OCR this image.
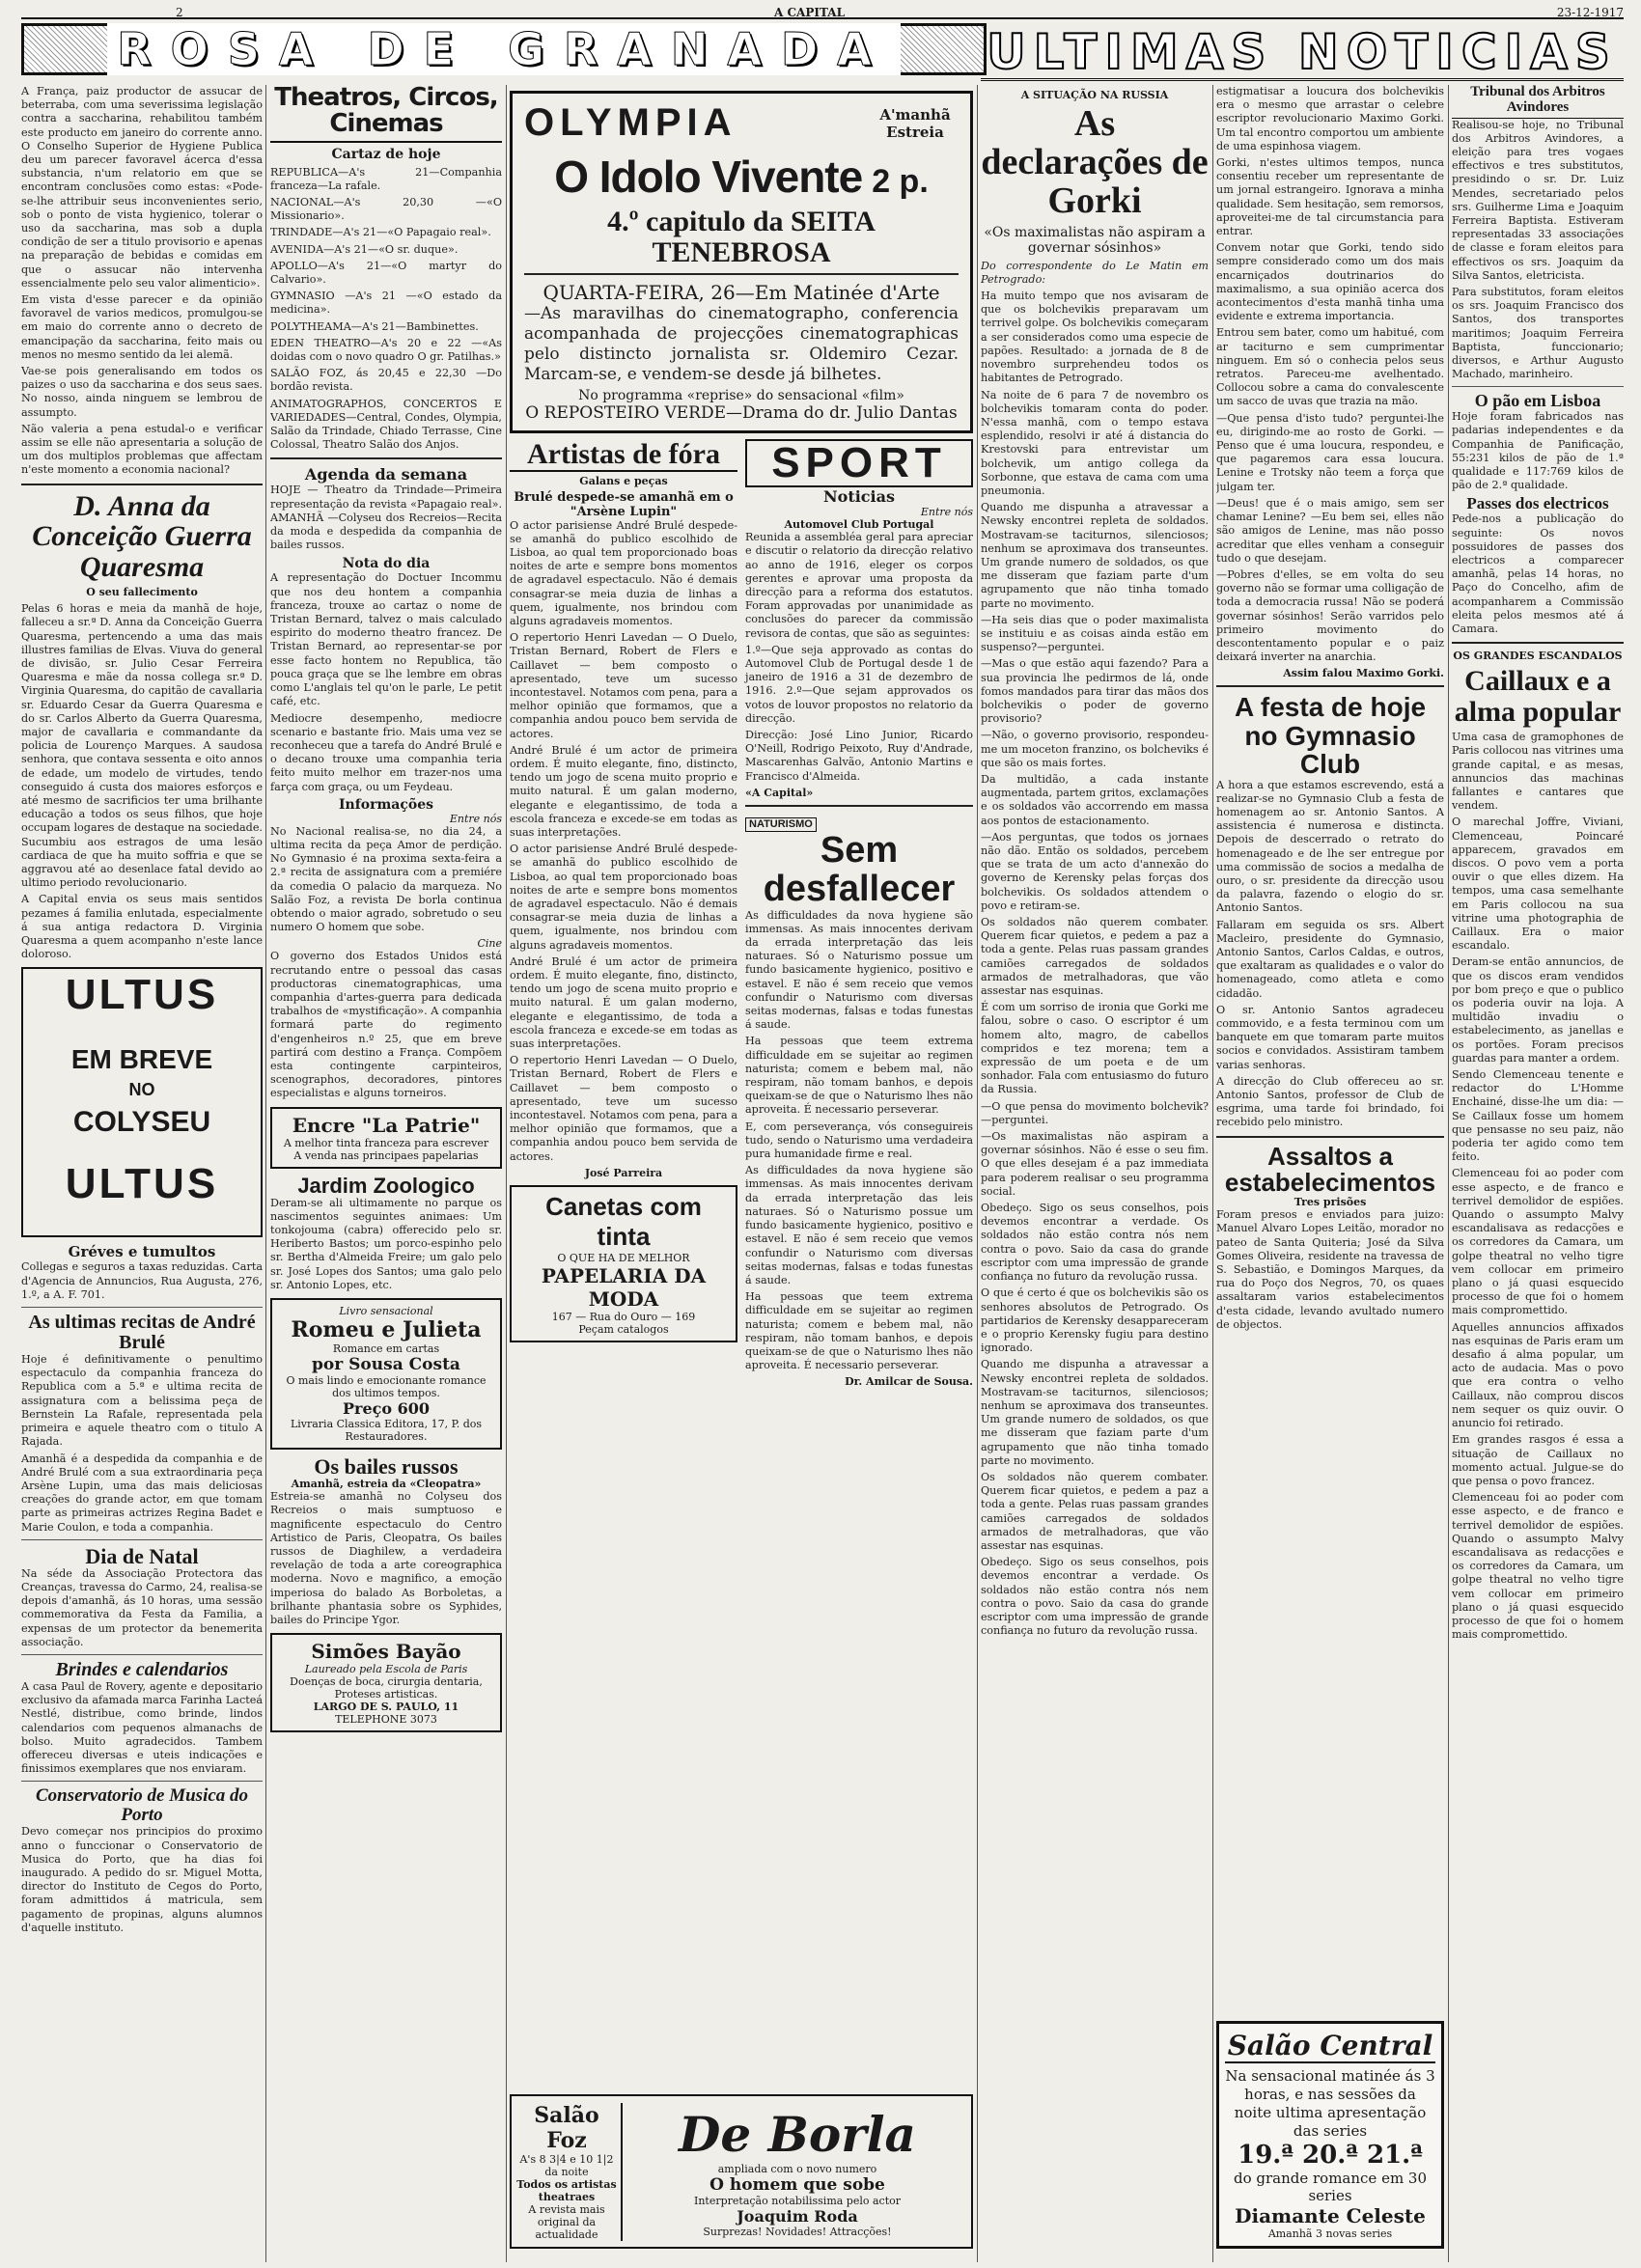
2	A CAPITAL	23-12-1917
ROSA DE GRANADA ULTIMAS NOTICIAS

A França, paiz productor de assucar de beterraba, com uma severissima legislação contra a saccharina, rehabilitou também este producto em janeiro do corrente anno. O Conselho Superior de Hygiene Publica deu um parecer favoravel ácerca d'essa substancia, n'um relatorio em que se encontram conclusões como estas: «Pode-se-lhe attribuir seus inconvenientes serio, sob o ponto de vista hygienico, tolerar o uso da saccharina, mas sob a dupla condição de ser a titulo provisorio e apenas na preparação de bebidas e comidas em que o assucar não intervenha essencialmente pelo seu valor alimenticio».

Em vista d'esse parecer e da opinião favoravel de varios medicos, promulgou-se em maio do corrente anno o decreto de emancipação da saccharina, feito mais ou menos no mesmo sentido da lei alemã.

Vae-se pois generalisando em todos os paizes o uso da saccharina e dos seus saes. No nosso, ainda ninguem se lembrou de assumpto.

Não valeria a pena estudal-o e verificar assim se elle não apresentaria a solução de um dos multiplos problemas que affectam n'este momento a economia nacional?

D. Anna da Conceição Guerra Quaresma
O seu fallecimento

Pelas 6 horas e meia da manhã de hoje, falleceu a sr.ª D. Anna da Conceição Guerra Quaresma, pertencendo a uma das mais illustres familias de Elvas. Viuva do general de divisão, sr. Julio Cesar Ferreira Quaresma e mãe da nossa collega sr.ª D. Virginia Quaresma, do capitão de cavallaria sr. Eduardo Cesar da Guerra Quaresma e do sr. Carlos Alberto da Guerra Quaresma, major de cavallaria e commandante da policia de Lourenço Marques. A saudosa senhora, que contava sessenta e oito annos de edade, um modelo de virtudes, tendo conseguido á custa dos maiores esforços e até mesmo de sacrificios ter uma brilhante educação a todos os seus filhos, que hoje occupam logares de destaque na sociedade. Sucumbiu aos estragos de uma lesão cardiaca de que ha muito soffria e que se aggravou até ao desenlace fatal devido ao ultimo periodo revolucionario.

A Capital envia os seus mais sentidos pezames á familia enlutada, especialmente á sua antiga redactora D. Virginia Quaresma a quem acompanho n'este lance doloroso.

ULTUS
EM BREVE
NO
COLYSEU
ULTUS
Gréves e tumultos

Collegas e seguros a taxas reduzidas. Carta d'Agencia de Annuncios, Rua Augusta, 276, 1.º, a A. F. 701.

As ultimas recitas de André Brulé

Hoje é definitivamente o penultimo espectaculo da companhia franceza do Republica com a 5.ª e ultima recita de assignatura com a belissima peça de Bernstein La Rafale, representada pela primeira e aquele theatro com o titulo A Rajada.

Amanhã é a despedida da companhia e de André Brulé com a sua extraordinaria peça Arsène Lupin, uma das mais deliciosas creações do grande actor, em que tomam parte as primeiras actrizes Regina Badet e Marie Coulon, e toda a companhia.

Dia de Natal

Na séde da Associação Protectora das Creanças, travessa do Carmo, 24, realisa-se depois d'amanhã, ás 10 horas, uma sessão commemorativa da Festa da Familia, a expensas de um protector da benemerita associação.

Brindes e calendarios

A casa Paul de Rovery, agente e depositario exclusivo da afamada marca Farinha Lacteá Nestlé, distribue, como brinde, lindos calendarios com pequenos almanachs de bolso. Muito agradecidos. Tambem offereceu diversas e uteis indicações e finissimos exemplares que nos enviaram.

Conservatorio de Musica do Porto

Devo começar nos principios do proximo anno o funccionar o Conservatorio de Musica do Porto, que ha dias foi inaugurado. A pedido do sr. Miguel Motta, director do Instituto de Cegos do Porto, foram admittidos á matricula, sem pagamento de propinas, alguns alumnos d'aquelle instituto.

Theatros, Circos, Cinemas
Cartaz de hoje

REPUBLICA—A's 21—Companhia franceza—La rafale.

NACIONAL—A's 20,30 —«O Missionario».

TRINDADE—A's 21—«O Papagaio real».

AVENIDA—A's 21—«O sr. duque».

APOLLO—A's 21—«O martyr do Calvario».

GYMNASIO —A's 21 —«O estado da medicina».

POLYTHEAMA—A's 21—Bambinettes.

EDEN THEATRO—A's 20 e 22 —«As doidas com o novo quadro O gr. Patilhas.»

SALÃO FOZ, ás 20,45 e 22,30 —Do bordão revista.

ANIMATOGRAPHOS, CONCERTOS E VARIEDADES—Central, Condes, Olympia, Salão da Trindade, Chiado Terrasse, Cine Colossal, Theatro Salão dos Anjos.

Agenda da semana

HOJE — Theatro da Trindade—Primeira representação da revista «Papagaio real». AMANHÃ —Colyseu dos Recreios—Recita da moda e despedida da companhia de bailes russos.

Nota do dia

A representação do Doctuer Incommu que nos deu hontem a companhia franceza, trouxe ao cartaz o nome de Tristan Bernard, talvez o mais calculado espirito do moderno theatro francez. De Tristan Bernard, ao representar-se por esse facto hontem no Republica, tão pouca graça que se lhe lembre em obras como L'anglais tel qu'on le parle, Le petit café, etc.

Mediocre desempenho, mediocre scenario e bastante frio. Mais uma vez se reconheceu que a tarefa do André Brulé e o decano trouxe uma companhia teria feito muito melhor em trazer-nos uma farça com graça, ou um Feydeau.

Informações
Entre nós

No Nacional realisa-se, no dia 24, a ultima recita da peça Amor de perdição. No Gymnasio é na proxima sexta-feira a 2.ª recita de assignatura com a premiére da comedia O palacio da marqueza. No Salão Foz, a revista De borla continua obtendo o maior agrado, sobretudo o seu numero O homem que sobe.

Cine

O governo dos Estados Unidos está recrutando entre o pessoal das casas productoras cinematographicas, uma companhia d'artes-guerra para dedicada trabalhos de «mystificação». A companhia formará parte do regimento d'engenheiros n.º 25, que em breve partirá com destino a França. Compõem esta contingente carpinteiros, scenographos, decoradores, pintores especialistas e alguns torneiros.

Encre "La Patrie"
A melhor tinta franceza para escrever
A venda nas principaes papelarias
Jardim Zoologico

Deram-se ali ultimamente no parque os nascimentos seguintes animaes: Um tonkojouma (cabra) offerecido pelo sr. Heriberto Bastos; um porco-espinho pelo sr. Bertha d'Almeida Freire; um galo pelo sr. José Lopes dos Santos; uma galo pelo sr. Antonio Lopes, etc.

Livro sensacional
Romeu e Julieta
Romance em cartas
por Sousa Costa
O mais lindo e emocionante romance dos ultimos tempos.
Preço 600
Livraria Classica Editora, 17, P. dos Restauradores.
Os bailes russos
Amanhã, estreia da «Cleopatra»

Estreia-se amanhã no Colyseu dos Recreios o mais sumptuoso e magnificente espectaculo do Centro Artistico de Paris, Cleopatra, Os bailes russos de Diaghilew, a verdadeira revelação de toda a arte coreographica moderna. Novo e magnifico, a emoção imperiosa do balado As Borboletas, a brilhante phantasia sobre os Syphides, bailes do Principe Ygor.

Simões Bayão
Laureado pela Escola de Paris
Doenças de boca, cirurgia dentaria, Proteses artisticas.
LARGO DE S. PAULO, 11
TELEPHONE 3073
OLYMPIA	A'manhã Estreia
O Idolo Vivente 2 p.
4.º capitulo da SEITA TENEBROSA
QUARTA-FEIRA, 26—Em Matinée d'Arte

—As maravilhas do cinematographo, conferencia acompanhada de projecções cinematographicas pelo distincto jornalista sr. Oldemiro Cezar. Marcam-se, e vendem-se desde já bilhetes.

No programma «reprise» do sensacional «film»
O REPOSTEIRO VERDE—Drama do dr. Julio Dantas
Artistas de fóra
Galans e peças
Brulé despede-se amanhã em o "Arsène Lupin"

O actor parisiense André Brulé despede-se amanhã do publico escolhido de Lisboa, ao qual tem proporcionado boas noites de arte e sempre bons momentos de agradavel espectaculo. Não é demais consagrar-se meia duzia de linhas a quem, igualmente, nos brindou com alguns agradaveis momentos.

O repertorio Henri Lavedan — O Duelo, Tristan Bernard, Robert de Flers e Caillavet — bem composto o apresentado, teve um sucesso incontestavel. Notamos com pena, para a melhor opinião que formamos, que a companhia andou pouco bem servida de actores.

André Brulé é um actor de primeira ordem. É muito elegante, fino, distincto, tendo um jogo de scena muito proprio e muito natural. É um galan moderno, elegante e elegantissimo, de toda a escola franceza e excede-se em todas as suas interpretações.

O actor parisiense André Brulé despede-se amanhã do publico escolhido de Lisboa, ao qual tem proporcionado boas noites de arte e sempre bons momentos de agradavel espectaculo. Não é demais consagrar-se meia duzia de linhas a quem, igualmente, nos brindou com alguns agradaveis momentos.

André Brulé é um actor de primeira ordem. É muito elegante, fino, distincto, tendo um jogo de scena muito proprio e muito natural. É um galan moderno, elegante e elegantissimo, de toda a escola franceza e excede-se em todas as suas interpretações.

O repertorio Henri Lavedan — O Duelo, Tristan Bernard, Robert de Flers e Caillavet — bem composto o apresentado, teve um sucesso incontestavel. Notamos com pena, para a melhor opinião que formamos, que a companhia andou pouco bem servida de actores.

José Parreira
Canetas com tinta
O QUE HA DE MELHOR
PAPELARIA DA MODA
167 — Rua do Ouro — 169
Peçam catalogos
SPORT
Noticias
Entre nós
Automovel Club Portugal

Reunida a assembléa geral para apreciar e discutir o relatorio da direcção relativo ao anno de 1916, eleger os corpos gerentes e aprovar uma proposta da direcção para a reforma dos estatutos. Foram approvadas por unanimidade as conclusões do parecer da commissão revisora de contas, que são as seguintes:

1.º—Que seja approvado as contas do Automovel Club de Portugal desde 1 de janeiro de 1916 a 31 de dezembro de 1916. 2.º—Que sejam approvados os votos de louvor propostos no relatorio da direcção.

Direcção: José Lino Junior, Ricardo O'Neill, Rodrigo Peixoto, Ruy d'Andrade, Mascarenhas Galvão, Antonio Martins e Francisco d'Almeida.

«A Capital»
NATURISMO
Sem desfallecer

As difficuldades da nova hygiene são immensas. As mais innocentes derivam da errada interpretação das leis naturaes. Só o Naturismo possue um fundo basicamente hygienico, positivo e estavel. E não é sem receio que vemos confundir o Naturismo com diversas seitas modernas, falsas e todas funestas á saude.

Ha pessoas que teem extrema difficuldade em se sujeitar ao regimen naturista; comem e bebem mal, não respiram, não tomam banhos, e depois queixam-se de que o Naturismo lhes não aproveita. É necessario perseverar.

E, com perseverança, vós conseguireis tudo, sendo o Naturismo uma verdadeira pura humanidade firme e real.

As difficuldades da nova hygiene são immensas. As mais innocentes derivam da errada interpretação das leis naturaes. Só o Naturismo possue um fundo basicamente hygienico, positivo e estavel. E não é sem receio que vemos confundir o Naturismo com diversas seitas modernas, falsas e todas funestas á saude.

Ha pessoas que teem extrema difficuldade em se sujeitar ao regimen naturista; comem e bebem mal, não respiram, não tomam banhos, e depois queixam-se de que o Naturismo lhes não aproveita. É necessario perseverar.

Dr. Amilcar de Sousa.
Salão Foz
A's 8 3|4 e 10 1|2 da noite
Todos os artistas theatraes
A revista mais original da actualidade
De Borla
ampliada com o novo numero
O homem que sobe
Interpretação notabilissima pelo actor
Joaquim Roda
Surprezas! Novidades! Attracções!
A SITUAÇÃO NA RUSSIA
As declarações de Gorki
«Os maximalistas não aspiram a governar sósinhos»

Do correspondente do Le Matin em Petrogrado:

Ha muito tempo que nos avisaram de que os bolchevikis preparavam um terrivel golpe. Os bolchevikis começaram a ser considerados como uma especie de papões. Resultado: a jornada de 8 de novembro surprehendeu todos os habitantes de Petrogrado.

Na noite de 6 para 7 de novembro os bolchevikis tomaram conta do poder. N'essa manhã, com o tempo estava esplendido, resolvi ir até á distancia do Krestovski para entrevistar um bolchevik, um antigo collega da Sorbonne, que estava de cama com uma pneumonia.

Quando me dispunha a atravessar a Newsky encontrei repleta de soldados. Mostravam-se taciturnos, silenciosos; nenhum se aproximava dos transeuntes. Um grande numero de soldados, os que me disseram que faziam parte d'um agrupamento que não tinha tomado parte no movimento.

—Ha seis dias que o poder maximalista se instituiu e as coisas ainda estão em suspenso?—perguntei.

—Mas o que estão aqui fazendo? Para a sua provincia lhe pedirmos de lá, onde fomos mandados para tirar das mãos dos bolchevikis o poder de governo provisorio?

—Não, o governo provisorio, respondeu-me um moceton franzino, os bolcheviks é que são os mais fortes.

Da multidão, a cada instante augmentada, partem gritos, exclamações e os soldados vão accorrendo em massa aos pontos de estacionamento.

—Aos perguntas, que todos os jornaes não dão. Então os soldados, percebem que se trata de um acto d'annexão do governo de Kerensky pelas forças dos bolchevikis. Os soldados attendem o povo e retiram-se.

Os soldados não querem combater. Querem ficar quietos, e pedem a paz a toda a gente. Pelas ruas passam grandes camiões carregados de soldados armados de metralhadoras, que vão assestar nas esquinas.

É com um sorriso de ironia que Gorki me falou, sobre o caso. O escriptor é um homem alto, magro, de cabellos compridos e tez morena; tem a expressão de um poeta e de um sonhador. Fala com entusiasmo do futuro da Russia.

—O que pensa do movimento bolchevik?—perguntei.

—Os maximalistas não aspiram a governar sósinhos. Não é esse o seu fim. O que elles desejam é a paz immediata para poderem realisar o seu programma social.

Obedeço. Sigo os seus conselhos, pois devemos encontrar a verdade. Os soldados não estão contra nós nem contra o povo. Saio da casa do grande escriptor com uma impressão de grande confiança no futuro da revolução russa.

O que é certo é que os bolchevikis são os senhores absolutos de Petrogrado. Os partidarios de Kerensky desappareceram e o proprio Kerensky fugiu para destino ignorado.

Quando me dispunha a atravessar a Newsky encontrei repleta de soldados. Mostravam-se taciturnos, silenciosos; nenhum se aproximava dos transeuntes. Um grande numero de soldados, os que me disseram que faziam parte d'um agrupamento que não tinha tomado parte no movimento.

Os soldados não querem combater. Querem ficar quietos, e pedem a paz a toda a gente. Pelas ruas passam grandes camiões carregados de soldados armados de metralhadoras, que vão assestar nas esquinas.

Obedeço. Sigo os seus conselhos, pois devemos encontrar a verdade. Os soldados não estão contra nós nem contra o povo. Saio da casa do grande escriptor com uma impressão de grande confiança no futuro da revolução russa.

estigmatisar a loucura dos bolchevikis era o mesmo que arrastar o celebre escriptor revolucionario Maximo Gorki. Um tal encontro comportou um ambiente de uma espinhosa viagem.

Gorki, n'estes ultimos tempos, nunca consentiu receber um representante de um jornal estrangeiro. Ignorava a minha qualidade. Sem hesitação, sem remorsos, aproveitei-me de tal circumstancia para entrar.

Convem notar que Gorki, tendo sido sempre considerado como um dos mais encarniçados doutrinarios do maximalismo, a sua opinião acerca dos acontecimentos d'esta manhã tinha uma evidente e extrema importancia.

Entrou sem bater, como um habitué, com ar taciturno e sem cumprimentar ninguem. Em só o conhecia pelos seus retratos. Pareceu-me avelhentado. Collocou sobre a cama do convalescente um sacco de uvas que trazia na mão.

—Que pensa d'isto tudo? perguntei-lhe eu, dirigindo-me ao rosto de Gorki. —Penso que é uma loucura, respondeu, e que pagaremos cara essa loucura. Lenine e Trotsky não teem a força que julgam ter.

—Deus! que é o mais amigo, sem ser chamar Lenine? —Eu bem sei, elles não são amigos de Lenine, mas não posso acreditar que elles venham a conseguir tudo o que desejam.

—Pobres d'elles, se em volta do seu governo não se formar uma colligação de toda a democracia russa! Não se poderá governar sósinhos! Serão varridos pelo primeiro movimento do descontentamento popular e o paiz deixará inverter na anarchia.

Assim falou Maximo Gorki.
A festa de hoje no Gymnasio Club

A hora a que estamos escrevendo, está a realizar-se no Gymnasio Club a festa de homenagem ao sr. Antonio Santos. A assistencia é numerosa e distincta. Depois de descerrado o retrato do homenageado e de lhe ser entregue por uma commissão de socios a medalha de ouro, o sr. presidente da direcção usou da palavra, fazendo o elogio do sr. Antonio Santos.

Fallaram em seguida os srs. Albert Macleiro, presidente do Gymnasio, Antonio Santos, Carlos Caldas, e outros, que exaltaram as qualidades e o valor do homenageado, como atleta e como cidadão.

O sr. Antonio Santos agradeceu commovido, e a festa terminou com um banquete em que tomaram parte muitos socios e convidados. Assistiram tambem varias senhoras.

A direcção do Club offereceu ao sr. Antonio Santos, professor de Club de esgrima, uma tarde foi brindado, foi recebido pelo ministro.

Assaltos a estabelecimentos
Tres prisões

Foram presos e enviados para juizo: Manuel Alvaro Lopes Leitão, morador no pateo de Santa Quiteria; José da Silva Gomes Oliveira, residente na travessa de S. Sebastião, e Domingos Marques, da rua do Poço dos Negros, 70, os quaes assaltaram varios estabelecimentos d'esta cidade, levando avultado numero de objectos.

Salão Central
Na sensacional matinée ás 3 horas, e nas sessões da noite ultima apresentação das series
19.ª 20.ª 21.ª
do grande romance em 30 series
Diamante Celeste
Amanhã 3 novas series
Tribunal dos Arbitros Avindores

Realisou-se hoje, no Tribunal dos Arbitros Avindores, a eleição para tres vogaes effectivos e tres substitutos, presidindo o sr. Dr. Luiz Mendes, secretariado pelos srs. Guilherme Lima e Joaquim Ferreira Baptista. Estiveram representadas 33 associações de classe e foram eleitos para effectivos os srs. Joaquim da Silva Santos, eletricista.

Para substitutos, foram eleitos os srs. Joaquim Francisco dos Santos, dos transportes maritimos; Joaquim Ferreira Baptista, funccionario; diversos, e Arthur Augusto Machado, marinheiro.

O pão em Lisboa

Hoje foram fabricados nas padarias independentes e da Companhia de Panificação, 55:231 kilos de pão de 1.ª qualidade e 117:769 kilos de pão de 2.ª qualidade.

Passes dos electricos

Pede-nos a publicação do seguinte: Os novos possuidores de passes dos electricos a comparecer amanhã, pelas 14 horas, no Paço do Concelho, afim de acompanharem a Commissão eleita pelos mesmos até á Camara.

OS GRANDES ESCANDALOS
Caillaux e a alma popular

Uma casa de gramophones de Paris collocou nas vitrines uma grande capital, e as mesas, annuncios das machinas fallantes e cantares que vendem.

O marechal Joffre, Viviani, Clemenceau, Poincaré apparecem, gravados em discos. O povo vem a porta ouvir o que elles dizem. Ha tempos, uma casa semelhante em Paris collocou na sua vitrine uma photographia de Caillaux. Era o maior escandalo.

Deram-se então annuncios, de que os discos eram vendidos por bom preço e que o publico os poderia ouvir na loja. A multidão invadiu o estabelecimento, as janellas e os portões. Foram precisos guardas para manter a ordem.

Sendo Clemenceau tenente e redactor do L'Homme Enchainé, disse-lhe um dia: —Se Caillaux fosse um homem que pensasse no seu paiz, não poderia ter agido como tem feito.

Clemenceau foi ao poder com esse aspecto, e de franco e terrivel demolidor de espiões. Quando o assumpto Malvy escandalisava as redacções e os corredores da Camara, um golpe theatral no velho tigre vem collocar em primeiro plano o já quasi esquecido processo de que foi o homem mais compromettido.

Aquelles annuncios affixados nas esquinas de Paris eram um desafio á alma popular, um acto de audacia. Mas o povo que era contra o velho Caillaux, não comprou discos nem sequer os quiz ouvir. O anuncio foi retirado.

Em grandes rasgos é essa a situação de Caillaux no momento actual. Julgue-se do que pensa o povo francez.

Clemenceau foi ao poder com esse aspecto, e de franco e terrivel demolidor de espiões. Quando o assumpto Malvy escandalisava as redacções e os corredores da Camara, um golpe theatral no velho tigre vem collocar em primeiro plano o já quasi esquecido processo de que foi o homem mais compromettido.
